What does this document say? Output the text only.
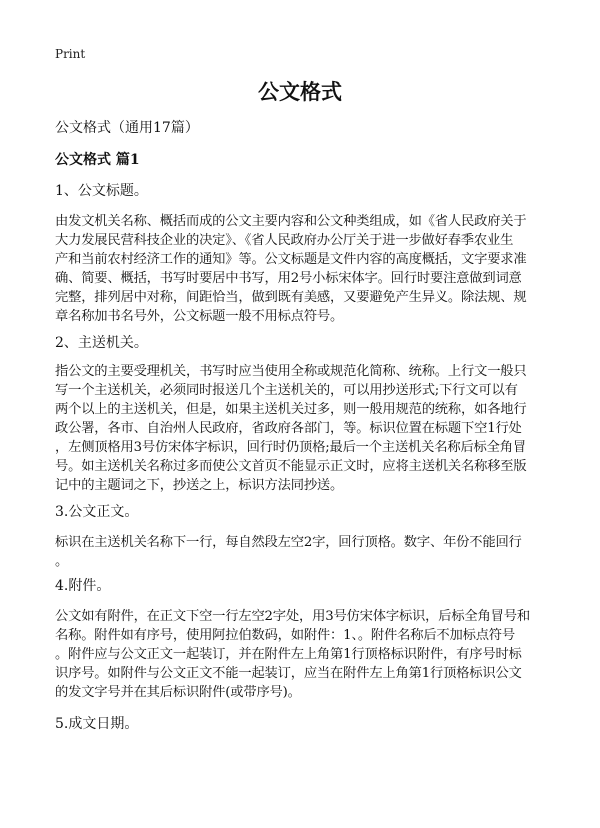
Print
公文格式
公文格式（通用17篇）
公文格式 篇1
1、公文标题。
由发文机关名称、概括而成的公文主要内容和公文种类组成，如《省人民政府关于
大力发展民营科技企业的决定》、《省人民政府办公厅关于进一步做好春季农业生
产和当前农村经济工作的通知》等。公文标题是文件内容的高度概括，文字要求准
确、简要、概括，书写时要居中书写，用2号小标宋体字。回行时要注意做到词意
完整，排列居中对称，间距恰当，做到既有美感，又要避免产生异义。除法规、规
章名称加书名号外，公文标题一般不用标点符号。
2、主送机关。
指公文的主要受理机关，书写时应当使用全称或规范化简称、统称。上行文一般只
写一个主送机关，必须同时报送几个主送机关的，可以用抄送形式;下行文可以有
两个以上的主送机关，但是，如果主送机关过多，则一般用规范的统称，如各地行
政公署，各市、自治州人民政府，省政府各部门，等。标识位置在标题下空1行处
，左侧顶格用3号仿宋体字标识，回行时仍顶格;最后一个主送机关名称后标全角冒
号。如主送机关名称过多而使公文首页不能显示正文时，应将主送机关名称移至版
记中的主题词之下，抄送之上，标识方法同抄送。
3.公文正文。
标识在主送机关名称下一行，每自然段左空2字，回行顶格。数字、年份不能回行
。
4.附件。
公文如有附件，在正文下空一行左空2字处，用3号仿宋体字标识，后标全角冒号和
名称。附件如有序号，使用阿拉伯数码，如附件：1、。附件名称后不加标点符号
。附件应与公文正文一起装订，并在附件左上角第1行顶格标识附件，有序号时标
识序号。如附件与公文正文不能一起装订，应当在附件左上角第1行顶格标识公文
的发文字号并在其后标识附件(或带序号)。
5.成文日期。
